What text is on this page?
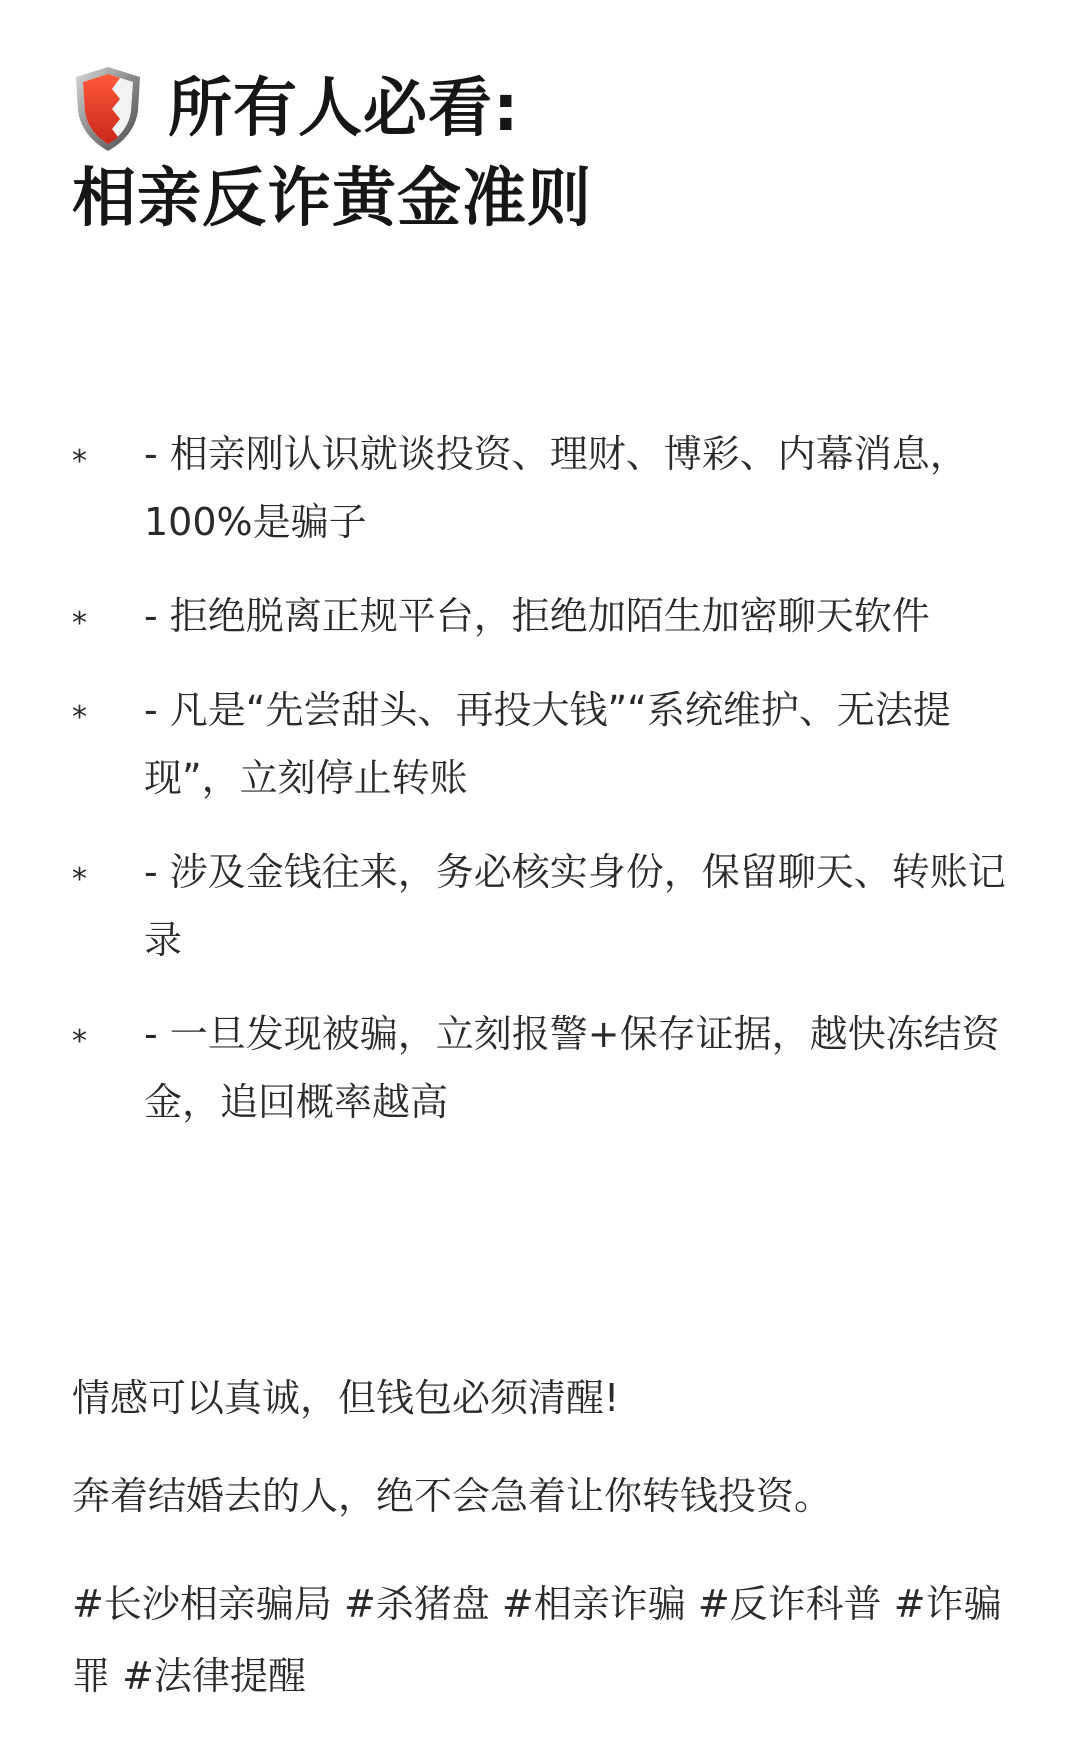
所有人必看:
相亲反诈黄金准则
* - 相亲刚认识就谈投资、理财、博彩、内幕消息，100%是骗子
* - 拒绝脱离正规平台，拒绝加陌生加密聊天软件
* - 凡是“先尝甜头、再投大钱”“系统维护、无法提现”，立刻停止转账
* - 涉及金钱往来，务必核实身份，保留聊天、转账记录
* - 一旦发现被骗，立刻报警+保存证据，越快冻结资金，追回概率越高

情感可以真诚，但钱包必须清醒!

奔着结婚去的人，绝不会急着让你转钱投资。

#长沙相亲骗局 #杀猪盘 #相亲诈骗 #反诈科普 #诈骗罪 #法律提醒
